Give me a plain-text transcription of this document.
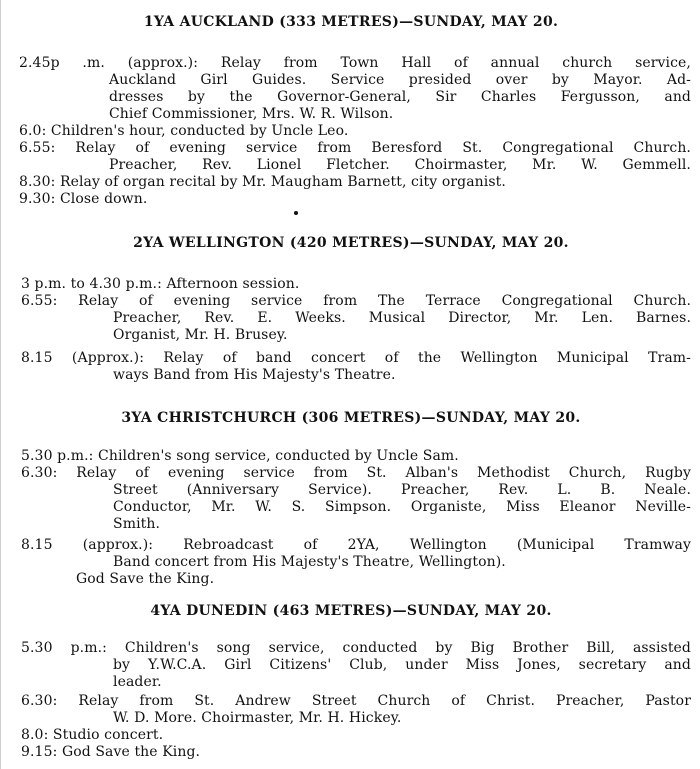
1YA AUCKLAND (333 METRES)—SUNDAY, MAY 20.
2.45p .m. (approx.): Relay from Town Hall of annual church service,
Auckland Girl Guides. Service presided over by Mayor. Ad-
dresses by the Governor-General, Sir Charles Fergusson, and
Chief Commissioner, Mrs. W. R. Wilson.
6.0: Children's hour, conducted by Uncle Leo.
6.55: Relay of evening service from Beresford St. Congregational Church.
Preacher, Rev. Lionel Fletcher. Choirmaster, Mr. W. Gemmell.
8.30: Relay of organ recital by Mr. Maugham Barnett, city organist.
9.30: Close down.
2YA WELLINGTON (420 METRES)—SUNDAY, MAY 20.
3 p.m. to 4.30 p.m.: Afternoon session.
6.55: Relay of evening service from The Terrace Congregational Church.
Preacher, Rev. E. Weeks. Musical Director, Mr. Len. Barnes.
Organist, Mr. H. Brusey.
8.15 (Approx.): Relay of band concert of the Wellington Municipal Tram-
ways Band from His Majesty's Theatre.
3YA CHRISTCHURCH (306 METRES)—SUNDAY, MAY 20.
5.30 p.m.: Children's song service, conducted by Uncle Sam.
6.30: Relay of evening service from St. Alban's Methodist Church, Rugby
Street (Anniversary Service). Preacher, Rev. L. B. Neale.
Conductor, Mr. W. S. Simpson. Organiste, Miss Eleanor Neville-
Smith.
8.15 (approx.): Rebroadcast of 2YA, Wellington (Municipal Tramway
Band concert from His Majesty's Theatre, Wellington).
God Save the King.
4YA DUNEDIN (463 METRES)—SUNDAY, MAY 20.
5.30 p.m.: Children's song service, conducted by Big Brother Bill, assisted
by Y.W.C.A. Girl Citizens' Club, under Miss Jones, secretary and
leader.
6.30: Relay from St. Andrew Street Church of Christ. Preacher, Pastor
W. D. More. Choirmaster, Mr. H. Hickey.
8.0: Studio concert.
9.15: God Save the King.
